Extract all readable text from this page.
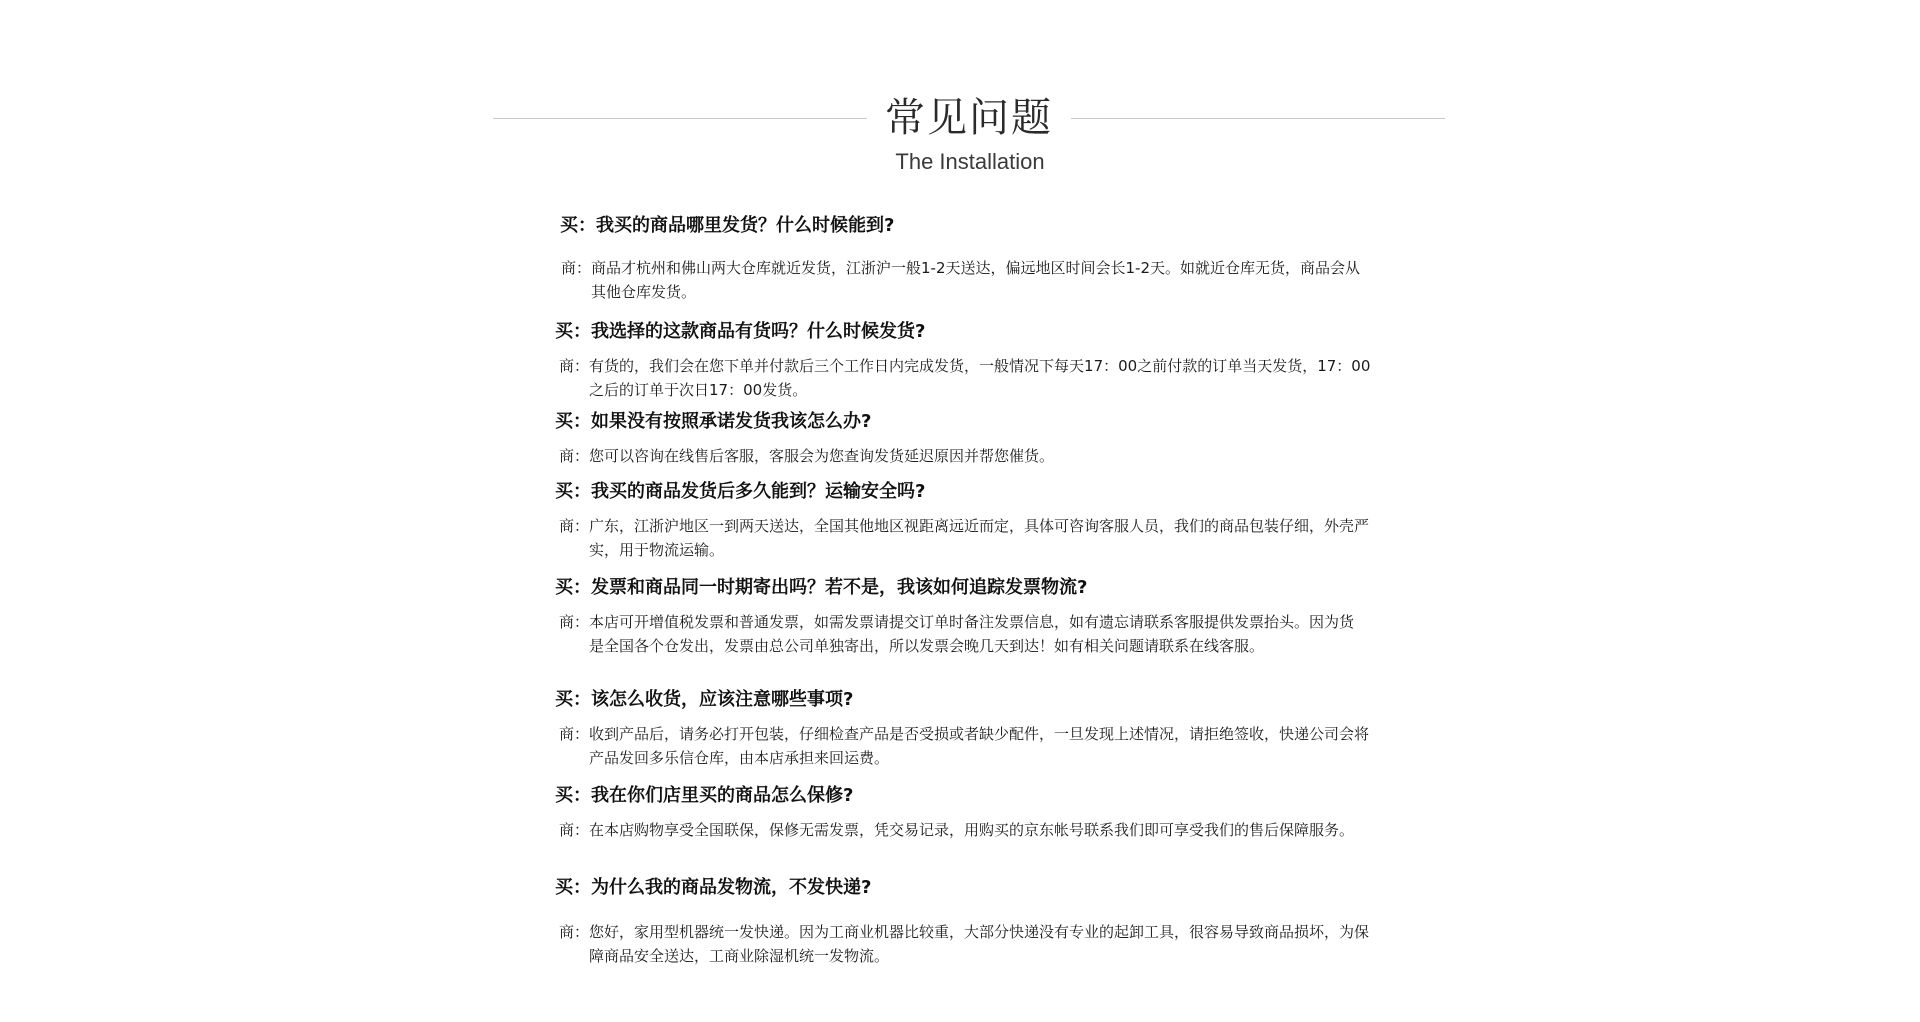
常见问题
The Installation
买：我买的商品哪里发货？什么时候能到?
商： 商品才杭州和佛山两大仓库就近发货，江浙沪一般1-2天送达，偏远地区时间会长1-2天。如就近仓库无货，商品会从其他仓库发货。
买：我选择的这款商品有货吗？什么时候发货?
商： 有货的，我们会在您下单并付款后三个工作日内完成发货，一般情况下每天17：00之前付款的订单当天发货，17：00之后的订单于次日17：00发货。
买：如果没有按照承诺发货我该怎么办?
商： 您可以咨询在线售后客服，客服会为您查询发货延迟原因并帮您催货。
买：我买的商品发货后多久能到？运输安全吗?
商： 广东，江浙沪地区一到两天送达，全国其他地区视距离远近而定，具体可咨询客服人员，我们的商品包装仔细，外壳严实，用于物流运输。
买：发票和商品同一时期寄出吗？若不是，我该如何追踪发票物流?
商： 本店可开增值税发票和普通发票，如需发票请提交订单时备注发票信息，如有遗忘请联系客服提供发票抬头。因为货是全国各个仓发出，发票由总公司单独寄出，所以发票会晚几天到达！如有相关问题请联系在线客服。
买：该怎么收货，应该注意哪些事项?
商： 收到产品后，请务必打开包装，仔细检查产品是否受损或者缺少配件，一旦发现上述情况，请拒绝签收，快递公司会将产品发回多乐信仓库，由本店承担来回运费。
买：我在你们店里买的商品怎么保修?
商： 在本店购物享受全国联保，保修无需发票，凭交易记录，用购买的京东帐号联系我们即可享受我们的售后保障服务。
买：为什么我的商品发物流，不发快递?
商： 您好，家用型机器统一发快递。因为工商业机器比较重，大部分快递没有专业的起卸工具，很容易导致商品损坏，为保障商品安全送达，工商业除湿机统一发物流。
